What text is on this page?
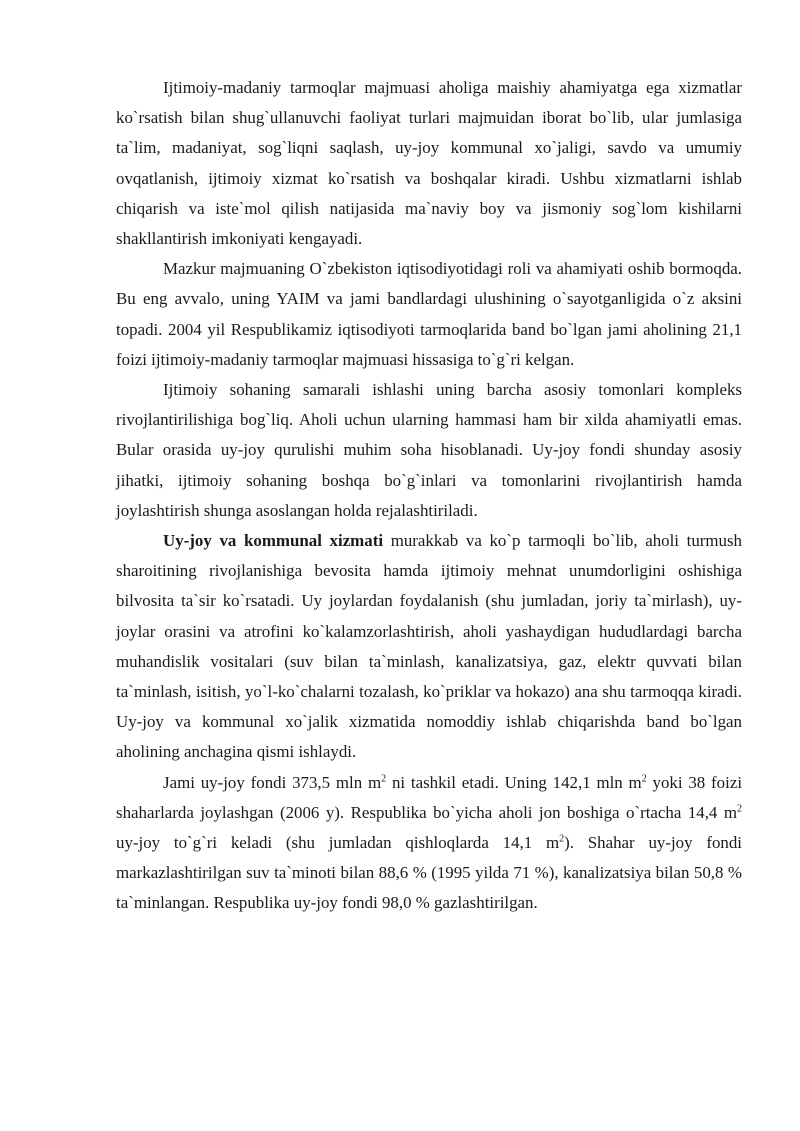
Ijtimoiy-madaniy tarmoqlar majmuasi aholiga maishiy ahamiyatga ega xizmatlar ko`rsatish bilan shug`ullanuvchi faoliyat turlari majmuidan iborat bo`lib, ular jumlasiga ta`lim, madaniyat, sog`liqni saqlash, uy-joy kommunal xo`jaligi, savdo va umumiy ovqatlanish, ijtimoiy xizmat ko`rsatish va boshqalar kiradi. Ushbu xizmatlarni ishlab chiqarish va iste`mol qilish natijasida ma`naviy boy va jismoniy sog`lom kishilarni shakllantirish imkoniyati kengayadi.

Mazkur majmuaning O`zbekiston iqtisodiyotidagi roli va ahamiyati oshib bormoqda. Bu eng avvalo, uning YAIM va jami bandlardagi ulushining o`sayotganligida o`z aksini topadi. 2004 yil Respublikamiz iqtisodiyoti tarmoqlarida band bo`lgan jami aholining 21,1 foizi ijtimoiy-madaniy tarmoqlar majmuasi hissasiga to`g`ri kelgan.

Ijtimoiy sohaning samarali ishlashi uning barcha asosiy tomonlari kompleks rivojlantirilishiga bog`liq. Aholi uchun ularning hammasi ham bir xilda ahamiyatli emas. Bular orasida uy-joy qurulishi muhim soha hisoblanadi. Uy-joy fondi shunday asosiy jihatki, ijtimoiy sohaning boshqa bo`g`inlari va tomonlarini rivojlantirish hamda joylashtirish shunga asoslangan holda rejalashtiriladi.

Uy-joy va kommunal xizmati murakkab va ko`p tarmoqli bo`lib, aholi turmush sharoitining rivojlanishiga bevosita hamda ijtimoiy mehnat unumdorligini oshishiga bilvosita ta`sir ko`rsatadi. Uy joylardan foydalanish (shu jumladan, joriy ta`mirlash), uy-joylar orasini va atrofini ko`kalamzorlashtirish, aholi yashaydigan hududlardagi barcha muhandislik vositalari (suv bilan ta`minlash, kanalizatsiya, gaz, elektr quvvati bilan ta`minlash, isitish, yo`l-ko`chalarni tozalash, ko`priklar va hokazo) ana shu tarmoqqa kiradi. Uy-joy va kommunal xo`jalik xizmatida nomoddiy ishlab chiqarishda band bo`lgan aholining anchagina qismi ishlaydi.

Jami uy-joy fondi 373,5 mln $m^2$ ni tashkil etadi. Uning 142,1 mln $m^2$ yoki 38 foizi shaharlarda joylashgan (2006 y). Respublika bo`yicha aholi jon boshiga o`rtacha 14,4 $m^2$ uy-joy to`g`ri keladi (shu jumladan qishloqlarda 14,1 $m^2$). Shahar uy-joy fondi markazlashtirilgan suv ta`minoti bilan 88,6 % (1995 yilda 71 %), kanalizatsiya bilan 50,8 % ta`minlangan. Respublika uy-joy fondi 98,0 % gazlashtirilgan.
